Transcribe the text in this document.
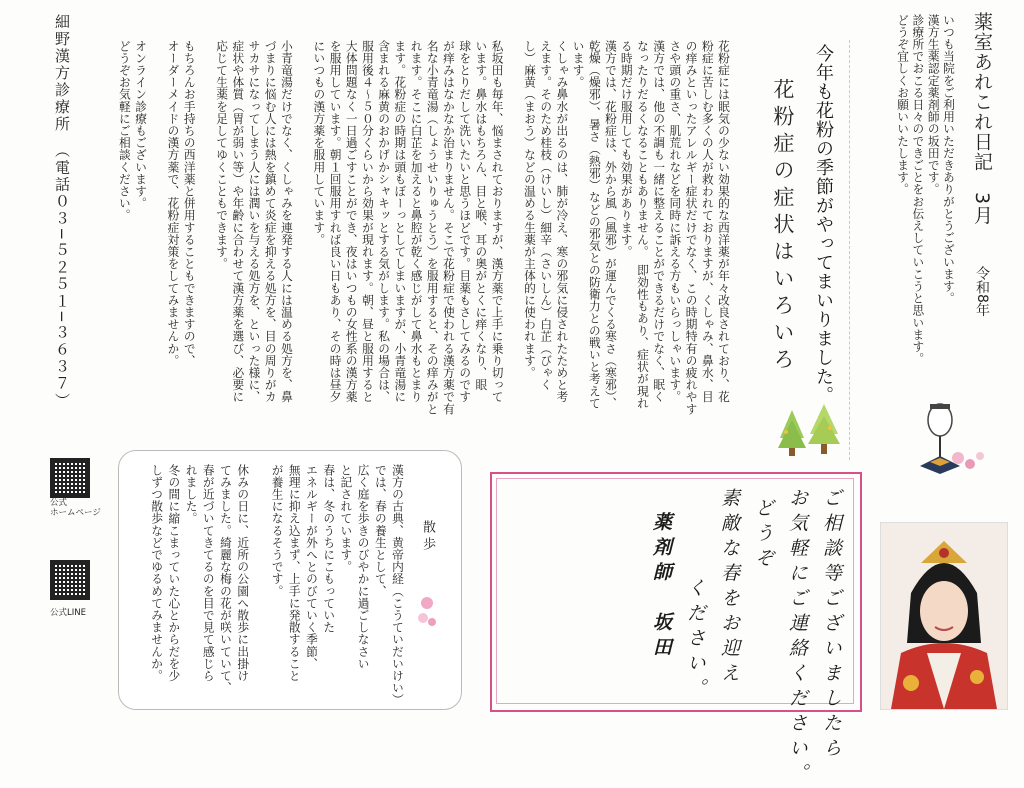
薬室あれこれ日記　3月
令和8年
いつも当院をご利用いただきありがとうございます。
漢方生薬認定薬剤師の坂田です。
診療所でおこる日々のできごとをお伝えしていこうと思います。
どうぞ宜しくお願いいたします。
今年も花粉の季節がやってまいりました。
花粉症の症状はいろいろ
花粉症には眠気の少ない効果的な西洋薬が年々改良されており、花
粉症に苦しむ多くの人が救われておりますが、くしゃみ、鼻水、目
の痒みといったアレルギー症状だけでなく、この時期特有の疲れやす
さや頭の重さ、肌荒れなどを同時に訴える方もいらっしゃいます。
漢方では、他の不調も一緒に整えることができるだけでなく、眠く
なったりだるくなることもありません。　即効性もあり、症状が現れ
る時期だけ服用しても効果があります。
漢方では、花粉症は、外から風（風邪）が運んでくる寒さ（寒邪）、
乾燥（燥邪）、暑さ（熱邪）などの邪気との防衛力との戦いと考えて
います。
くしゃみ鼻水が出るのは、肺が冷え、寒の邪気に侵されたためと考
えます。そのため桂枝（けいし）細辛（さいしん）白芷（びゃく
し）麻黄（まおう）などの温める生薬が主体的に使われます。

私坂田も毎年、悩まされておりますが、漢方薬で上手に乗り切って
います。鼻水はもちろん、目と喉、耳の奥がとくに痒くなり、眼
球をとりだして洗いたいと思うほどです。目薬もさしてみるのです
が痒みはなかなか治まりません。そこで花粉症で使われる漢方薬で有
名な小青竜湯（しょうせいりゅうとう）を服用すると、その痒みがと
れます。そこに白芷を加えると鼻腔が乾く感じがして鼻水もとまり
ます。花粉症の時期は頭もぼーっとしてしまいますが、小青竜湯に
含まれる麻黄のおかげかシャキッとする気がします。私の場合は、
服用後４〜５０分くらいから効果が現れます。朝、昼と服用すると
大体問題なく一日過ごすことができ、夜はいつもの女性系の漢方薬
を服用しています。朝１回服用すれば良い日もあり、その時は昼夕
にいつもの漢方薬を服用しています。

小青竜湯だけでなく、くしゃみを連発する人には温める処方を、鼻
づまりに悩む人には熱を鎮めて炎症を抑える処方を、目の周りがカ
サカサになってしまう人には潤いを与える処方を、といった様に、
症状や体質（胃が弱い等）や年齢に合わせて漢方薬を選び、必要に
応じて生薬を足してゆくこともできます。

もちろんお手持ちの西洋薬と併用することもできますので、
オーダーメイドの漢方薬で、花粉症対策をしてみませんか。

オンライン診療もございます。
どうぞお気軽にご相談ください。
細野漢方診療所　（電話０３−５２５１−３６３７）
公式
ホームページ
公式LINE
散歩
漢方の古典、黄帝内経（こうていだいけい）
では、春の養生として、
広く庭を歩きのびやかに過ごしなさい
と記されています。
春は、冬のうちにこもっていた
エネルギーが外へとのびていく季節、
無理に抑え込まず、上手に発散すること
が養生になるそうです。

休みの日に、近所の公園へ散歩に出掛け
てみました。綺麗な梅の花が咲いていて、
春が近づいてきてるのを目で見て感じら
れました。
冬の間に縮こまっていた心とからだを少
しずつ散歩などでゆるめてみませんか。	ご相談等ございましたら
お気軽にご連絡ください。
どうぞ
素敵な春をお迎え
ください。
薬剤師　坂田
